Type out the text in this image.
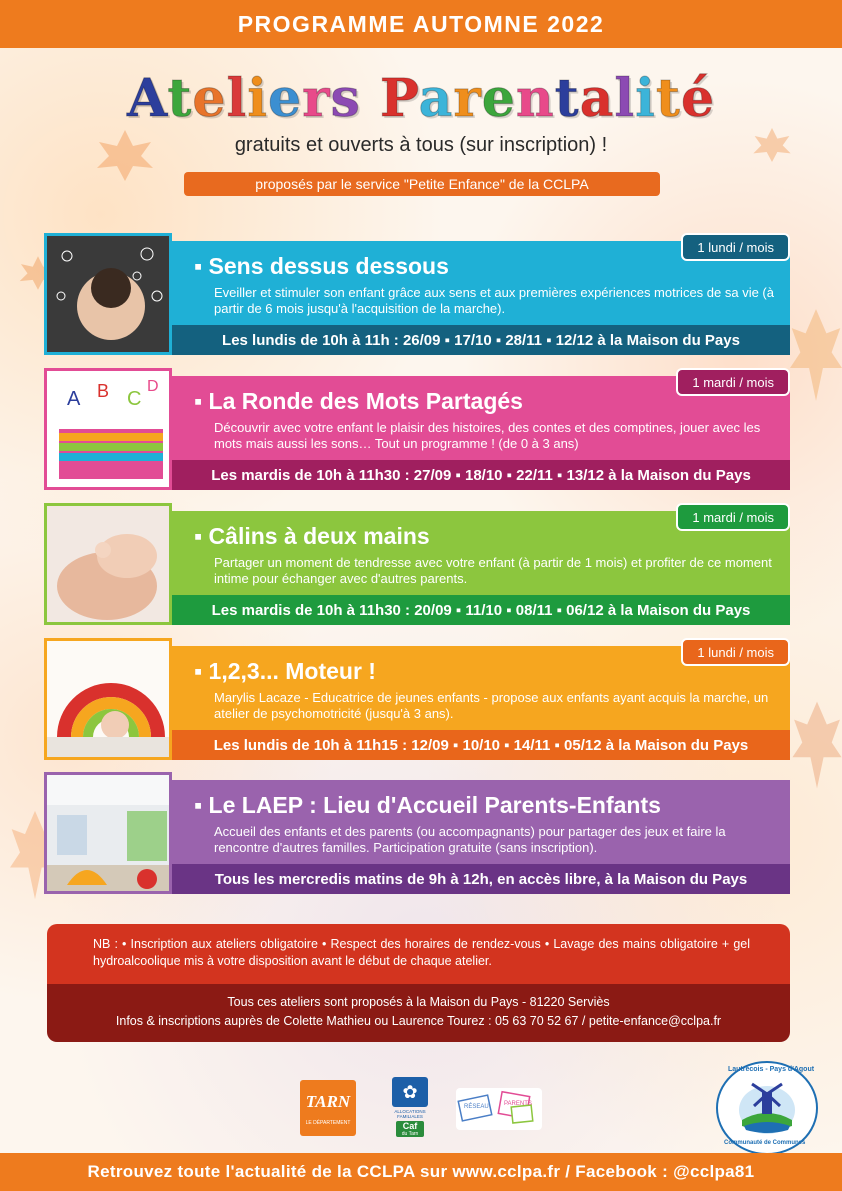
PROGRAMME AUTOMNE 2022
Ateliers Parentalité
gratuits et ouverts à tous (sur inscription) !
proposés par le service "Petite Enfance" de la CCLPA
▪ Sens dessus dessous
Eveiller et stimuler son enfant grâce aux sens et aux premières expériences motrices de sa vie (à partir de 6 mois jusqu'à l'acquisition de la marche).
Les lundis de 10h à 11h : 26/09 ▪ 17/10 ▪ 28/11 ▪ 12/12 à la Maison du Pays
1 lundi / mois
A B C
D
▪ La Ronde des Mots Partagés
Découvrir avec votre enfant le plaisir des histoires, des contes et des comptines, jouer avec les mots mais aussi les sons… Tout un programme ! (de 0 à 3 ans)
Les mardis de 10h à 11h30 : 27/09 ▪ 18/10 ▪ 22/11 ▪ 13/12 à la Maison du Pays
1 mardi / mois
▪ Câlins à deux mains
Partager un moment de tendresse avec votre enfant (à partir de 1 mois) et profiter de ce moment intime pour échanger avec d'autres parents.
Les mardis de 10h à 11h30 : 20/09 ▪ 11/10 ▪ 08/11 ▪ 06/12 à la Maison du Pays
1 mardi / mois
▪ 1,2,3... Moteur !
Marylis Lacaze - Educatrice de jeunes enfants - propose aux enfants ayant acquis la marche, un atelier de psychomotricité (jusqu'à 3 ans).
Les lundis de 10h à 11h15 : 12/09 ▪ 10/10 ▪ 14/11 ▪ 05/12 à la Maison du Pays
1 lundi / mois
▪ Le LAEP : Lieu d'Accueil Parents-Enfants
Accueil des enfants et des parents (ou accompagnants) pour partager des jeux et faire la rencontre d'autres familles. Participation gratuite (sans inscription).
Tous les mercredis matins de 9h à 12h, en accès libre, à la Maison du Pays
NB : • Inscription aux ateliers obligatoire • Respect des horaires de rendez-vous • Lavage des mains obligatoire + gel hydroalcoolique mis à votre disposition avant le début de chaque atelier.
Tous ces ateliers sont proposés à la Maison du Pays - 81220 Serviès
Infos & inscriptions auprès de Colette Mathieu ou Laurence Tourez : 05 63 70 52 67 / petite-enfance@cclpa.fr
TARN
LE DÉPARTEMENT
✿
ALLOCATIONS FAMILIALES
Caf
du Tarn
RÉSEAU	PARENTS
Lautrécois - Pays d'Agout
Communauté de Communes
Retrouvez toute l'actualité de la CCLPA sur www.cclpa.fr / Facebook : @cclpa81
